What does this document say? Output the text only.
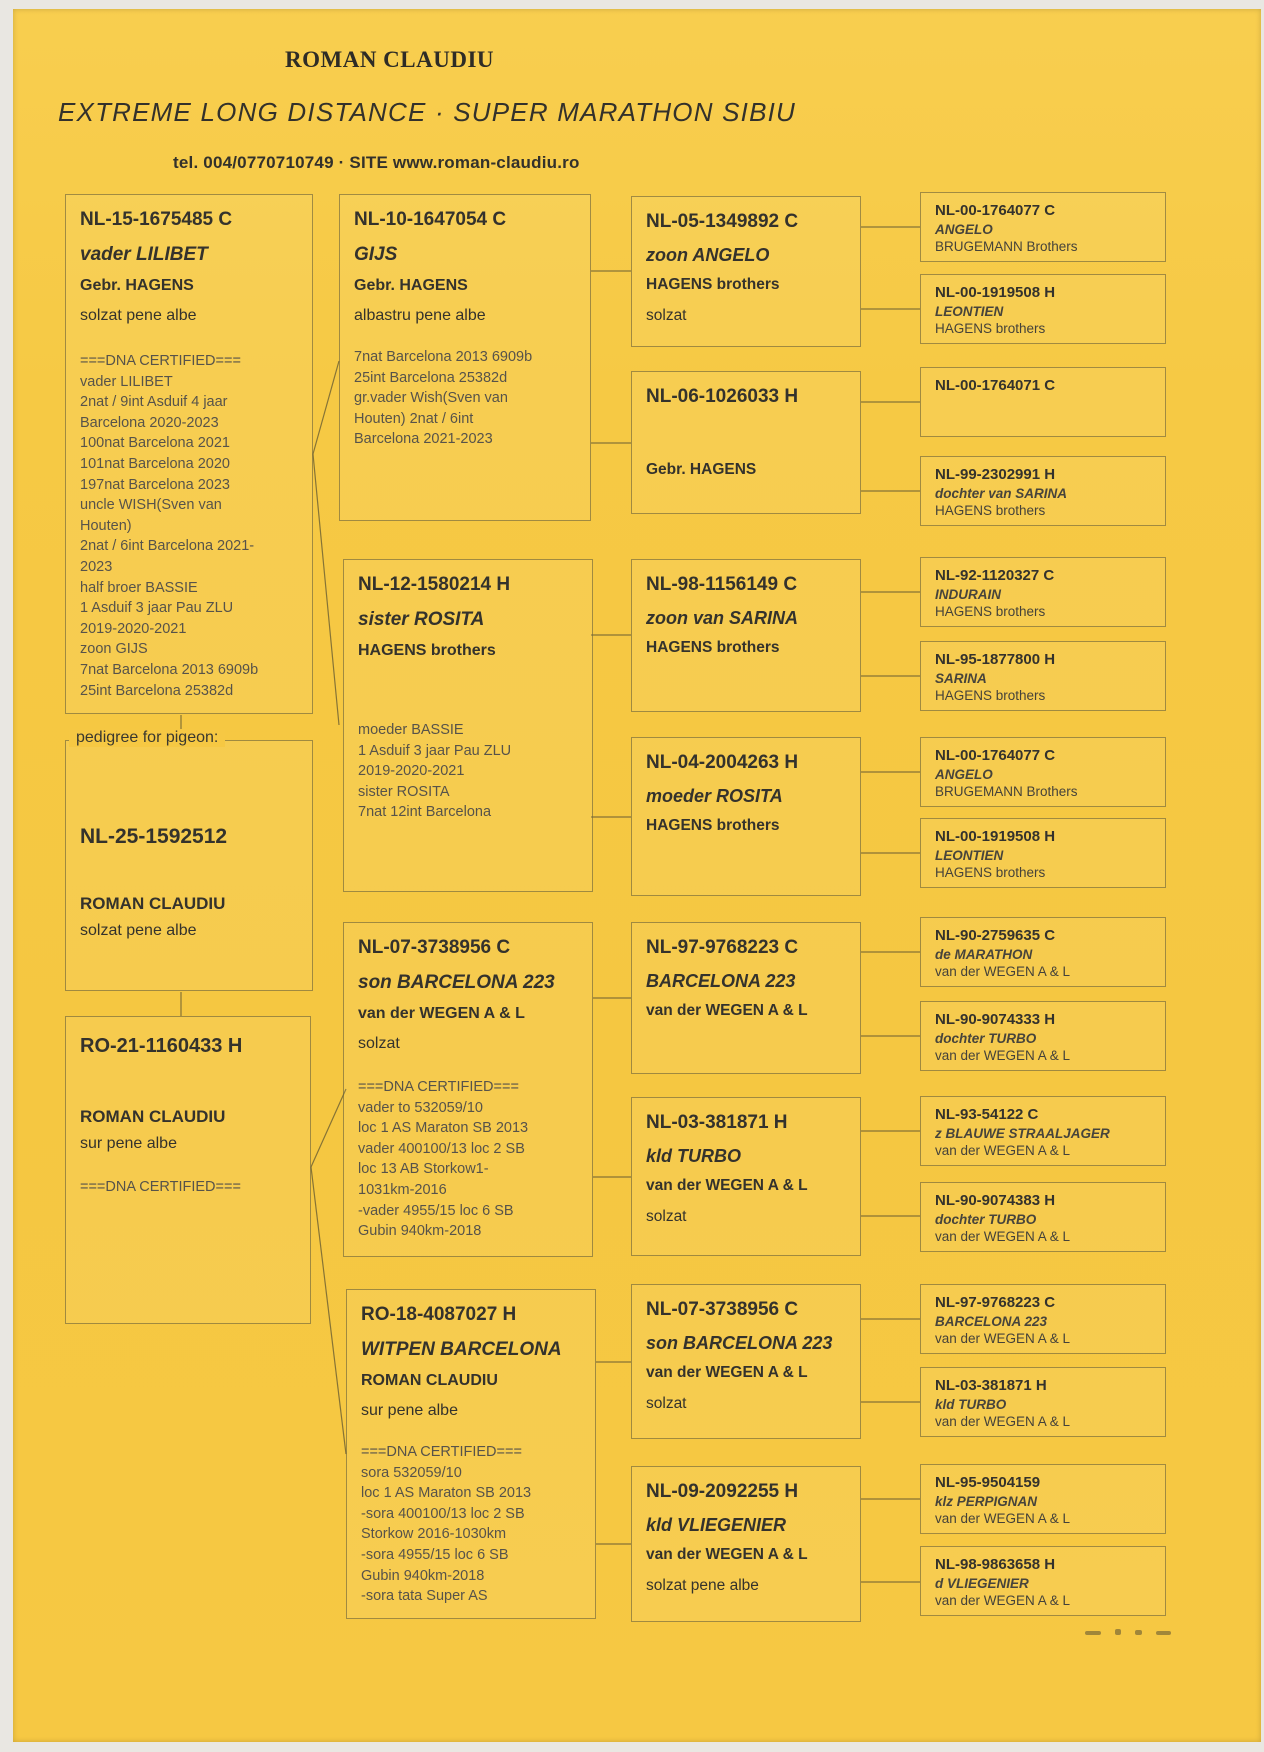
ROMAN CLAUDIU
EXTREME LONG DISTANCE · SUPER MARATHON SIBIU
tel. 004/0770710749 · SITE www.roman-claudiu.ro
pedigree for pigeon:
NL-15-1675485 C
vader LILIBET
Gebr. HAGENS
solzat pene albe
===DNA CERTIFIED===
vader LILIBET
2nat / 9int Asduif 4 jaar
Barcelona 2020-2023
100nat Barcelona 2021
101nat Barcelona 2020
197nat Barcelona 2023
uncle WISH(Sven van
Houten)
2nat / 6int Barcelona 2021-
2023
half broer BASSIE
1 Asduif 3 jaar Pau ZLU
2019-2020-2021
zoon GIJS
7nat Barcelona 2013 6909b
25int Barcelona 25382d
NL-25-1592512
ROMAN CLAUDIU
solzat pene albe
RO-21-1160433 H
ROMAN CLAUDIU
sur pene albe
===DNA CERTIFIED===
NL-10-1647054 C
GIJS
Gebr. HAGENS
albastru pene albe
7nat Barcelona 2013 6909b
25int Barcelona 25382d
gr.vader Wish(Sven van
Houten) 2nat / 6int
Barcelona 2021-2023
NL-12-1580214 H
sister ROSITA
HAGENS brothers
moeder BASSIE
1 Asduif 3 jaar Pau ZLU
2019-2020-2021
sister ROSITA
7nat 12int Barcelona
NL-07-3738956 C
son BARCELONA 223
van der WEGEN A & L
solzat
===DNA CERTIFIED===
vader to 532059/10
loc 1 AS Maraton SB 2013
vader 400100/13 loc 2 SB
loc 13 AB Storkow1-
1031km-2016
-vader 4955/15 loc 6 SB
Gubin 940km-2018
RO-18-4087027 H
WITPEN BARCELONA
ROMAN CLAUDIU
sur pene albe
===DNA CERTIFIED===
sora 532059/10
loc 1 AS Maraton SB 2013
-sora 400100/13 loc 2 SB
Storkow 2016-1030km
-sora 4955/15 loc 6 SB
Gubin 940km-2018
-sora tata Super AS
NL-05-1349892 C
zoon ANGELO
HAGENS brothers
solzat
NL-06-1026033 H
Gebr. HAGENS
NL-98-1156149 C
zoon van SARINA
HAGENS brothers
NL-04-2004263 H
moeder ROSITA
HAGENS brothers
NL-97-9768223 C
BARCELONA 223
van der WEGEN A & L
NL-03-381871 H
kld TURBO
van der WEGEN A & L
solzat
NL-07-3738956 C
son BARCELONA 223
van der WEGEN A & L
solzat
NL-09-2092255 H
kld VLIEGENIER
van der WEGEN A & L
solzat pene albe
NL-00-1764077 C
ANGELO
BRUGEMANN Brothers
NL-00-1919508 H
LEONTIEN
HAGENS brothers
NL-00-1764071 C
NL-99-2302991 H
dochter van SARINA
HAGENS brothers
NL-92-1120327 C
INDURAIN
HAGENS brothers
NL-95-1877800 H
SARINA
HAGENS brothers
NL-00-1764077 C
ANGELO
BRUGEMANN Brothers
NL-00-1919508 H
LEONTIEN
HAGENS brothers
NL-90-2759635 C
de MARATHON
van der WEGEN A & L
NL-90-9074333 H
dochter TURBO
van der WEGEN A & L
NL-93-54122 C
z BLAUWE STRAALJAGER
van der WEGEN A & L
NL-90-9074383 H
dochter TURBO
van der WEGEN A & L
NL-97-9768223 C
BARCELONA 223
van der WEGEN A & L
NL-03-381871 H
kld TURBO
van der WEGEN A & L
NL-95-9504159
klz PERPIGNAN
van der WEGEN A & L
NL-98-9863658 H
d VLIEGENIER
van der WEGEN A & L
